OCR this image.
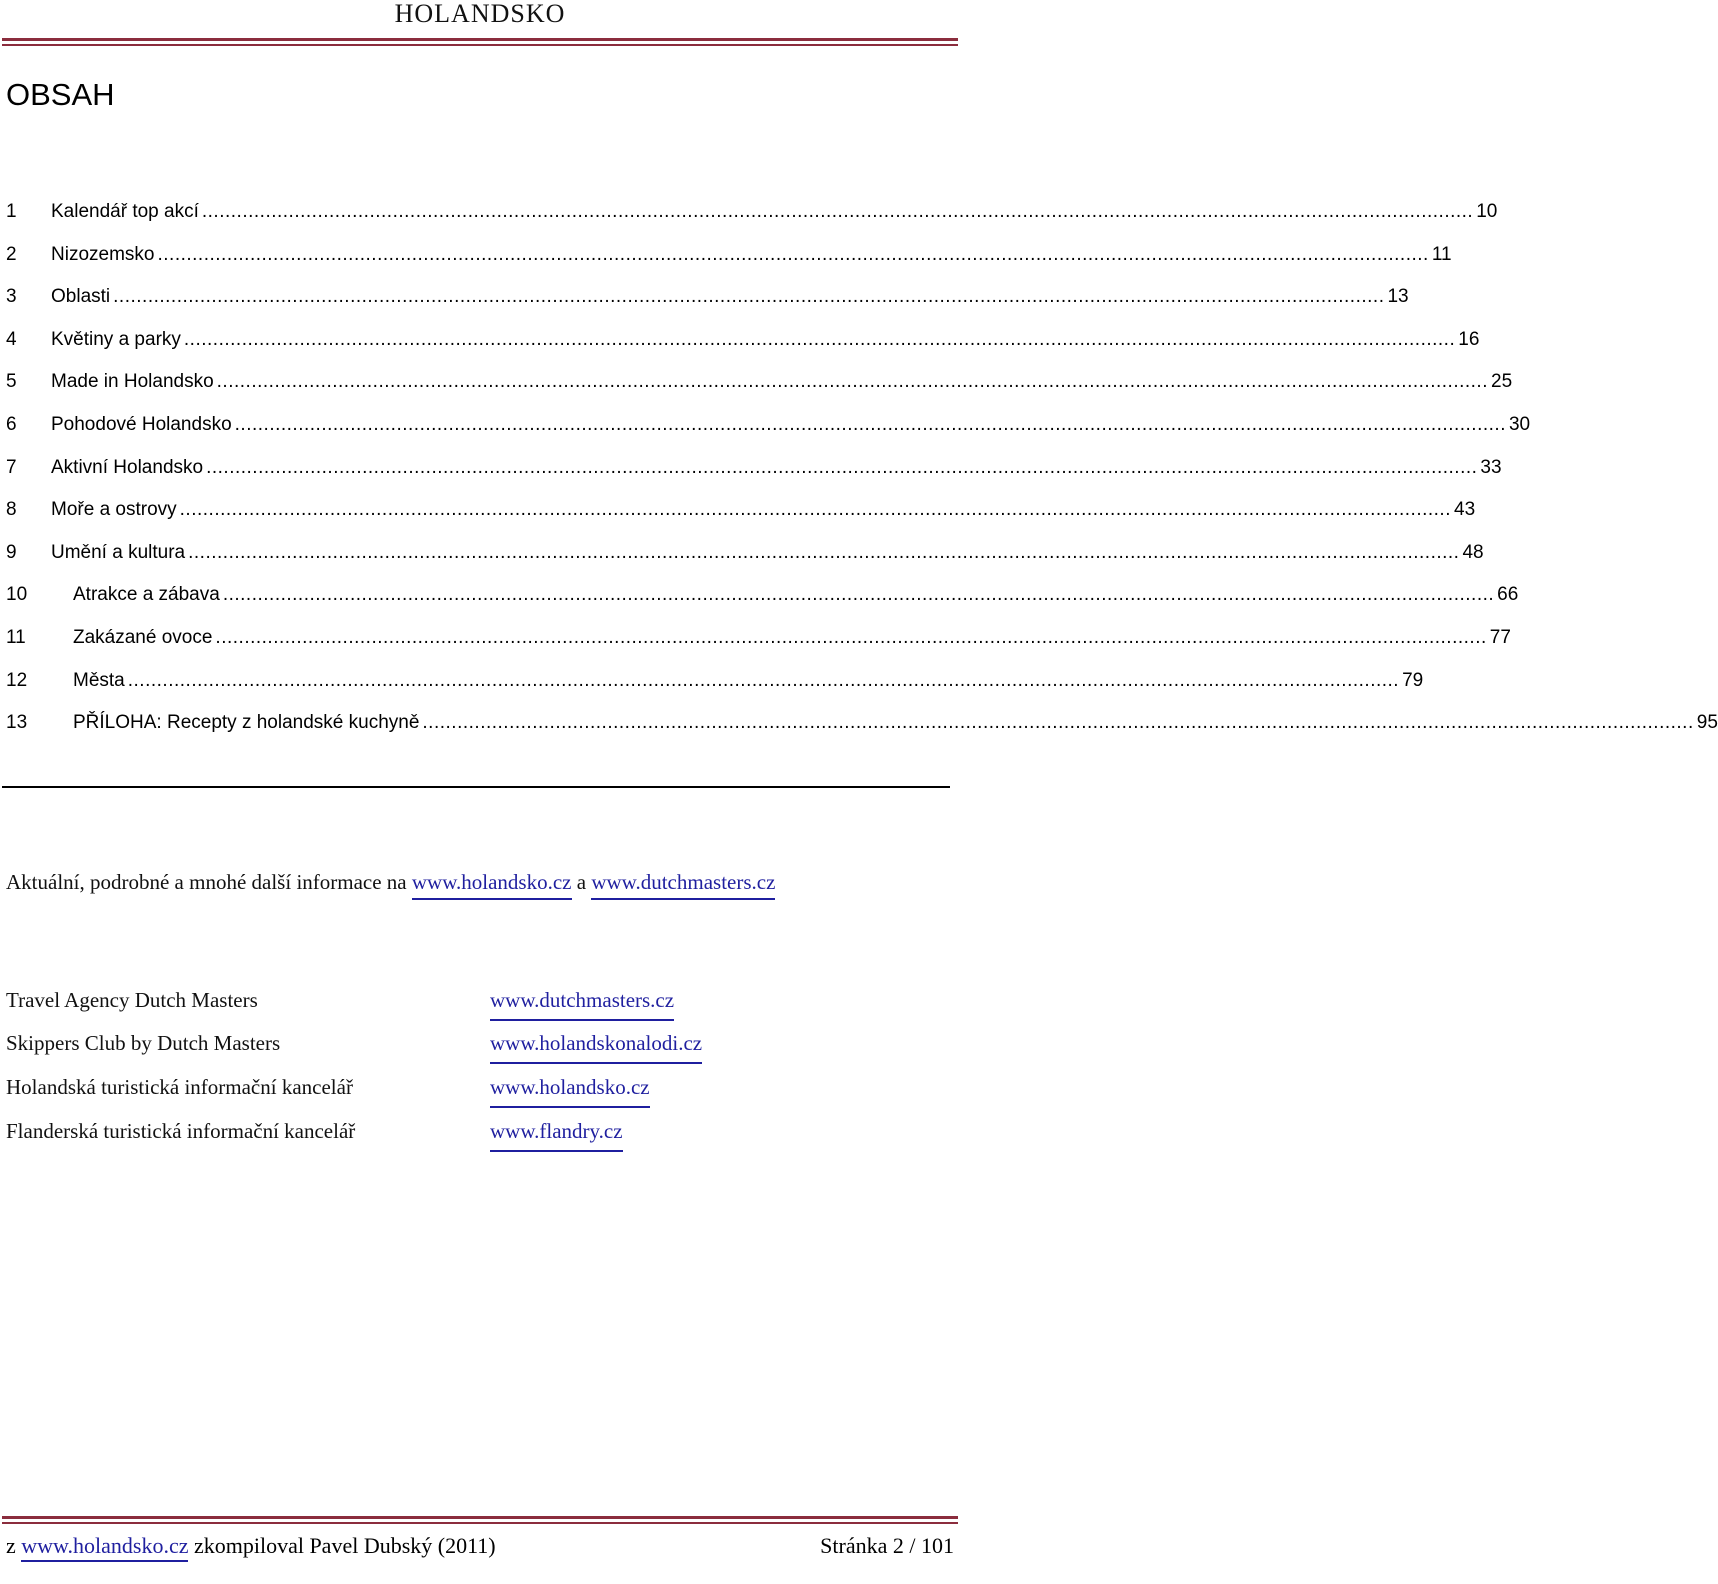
HOLANDSKO
OBSAH
1	Kalendář top akcí ............................................................................................................................................................................................................................ 10
2	Nizozemsko ............................................................................................................................................................................................................................ 11
3	Oblasti ............................................................................................................................................................................................................................ 13
4	Květiny a parky ............................................................................................................................................................................................................................ 16
5	Made in Holandsko ............................................................................................................................................................................................................................ 25
6	Pohodové Holandsko ............................................................................................................................................................................................................................ 30
7	Aktivní Holandsko ............................................................................................................................................................................................................................ 33
8	Moře a ostrovy ............................................................................................................................................................................................................................ 43
9	Umění a kultura ............................................................................................................................................................................................................................ 48
10	Atrakce a zábava ............................................................................................................................................................................................................................ 66
11	Zakázané ovoce ............................................................................................................................................................................................................................ 77
12	Města ............................................................................................................................................................................................................................ 79
13	PŘÍLOHA: Recepty z holandské kuchyně ............................................................................................................................................................................................................................ 95
Aktuální, podrobné a mnohé další informace na www.holandsko.cz a www.dutchmasters.cz
Travel Agency Dutch Masters	www.dutchmasters.cz
Skippers Club by Dutch Masters	www.holandskonalodi.cz
Holandská turistická informační kancelář	www.holandsko.cz
Flanderská turistická informační kancelář	www.flandry.cz
z www.holandsko.cz zkompiloval Pavel Dubský (2011)	Stránka 2 / 101
